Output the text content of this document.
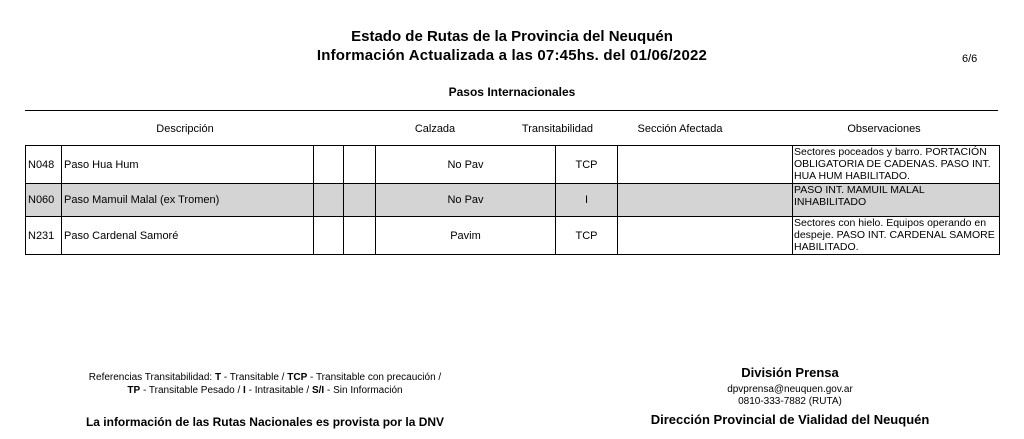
Estado de Rutas de la Provincia del Neuquén
Información Actualizada a las 07:45hs. del 01/06/2022	6/6
Pasos Internacionales
Descripción	Calzada	Transitabilidad	Sección Afectada	Observaciones
N048	Paso Hua Hum			No Pav	TCP		Sectores poceados y barro. PORTACIÓN OBLIGATORIA DE CADENAS. PASO INT. HUA HUM HABILITADO.
N060	Paso Mamuil Malal (ex Tromen)			No Pav	I		PASO INT. MAMUIL MALAL INHABILITADO
N231	Paso Cardenal Samoré			Pavim	TCP		Sectores con hielo. Equipos operando en despeje. PASO INT. CARDENAL SAMORE HABILITADO.
Referencias Transitabilidad: T - Transitable / TCP - Transitable con precaución /
TP - Transitable Pesado / I - Intrasitable / S/I - Sin Información
La información de las Rutas Nacionales es provista por la DNV
División Prensa
dpvprensa@neuquen.gov.ar
0810-333-7882 (RUTA)
Dirección Provincial de Vialidad del Neuquén
